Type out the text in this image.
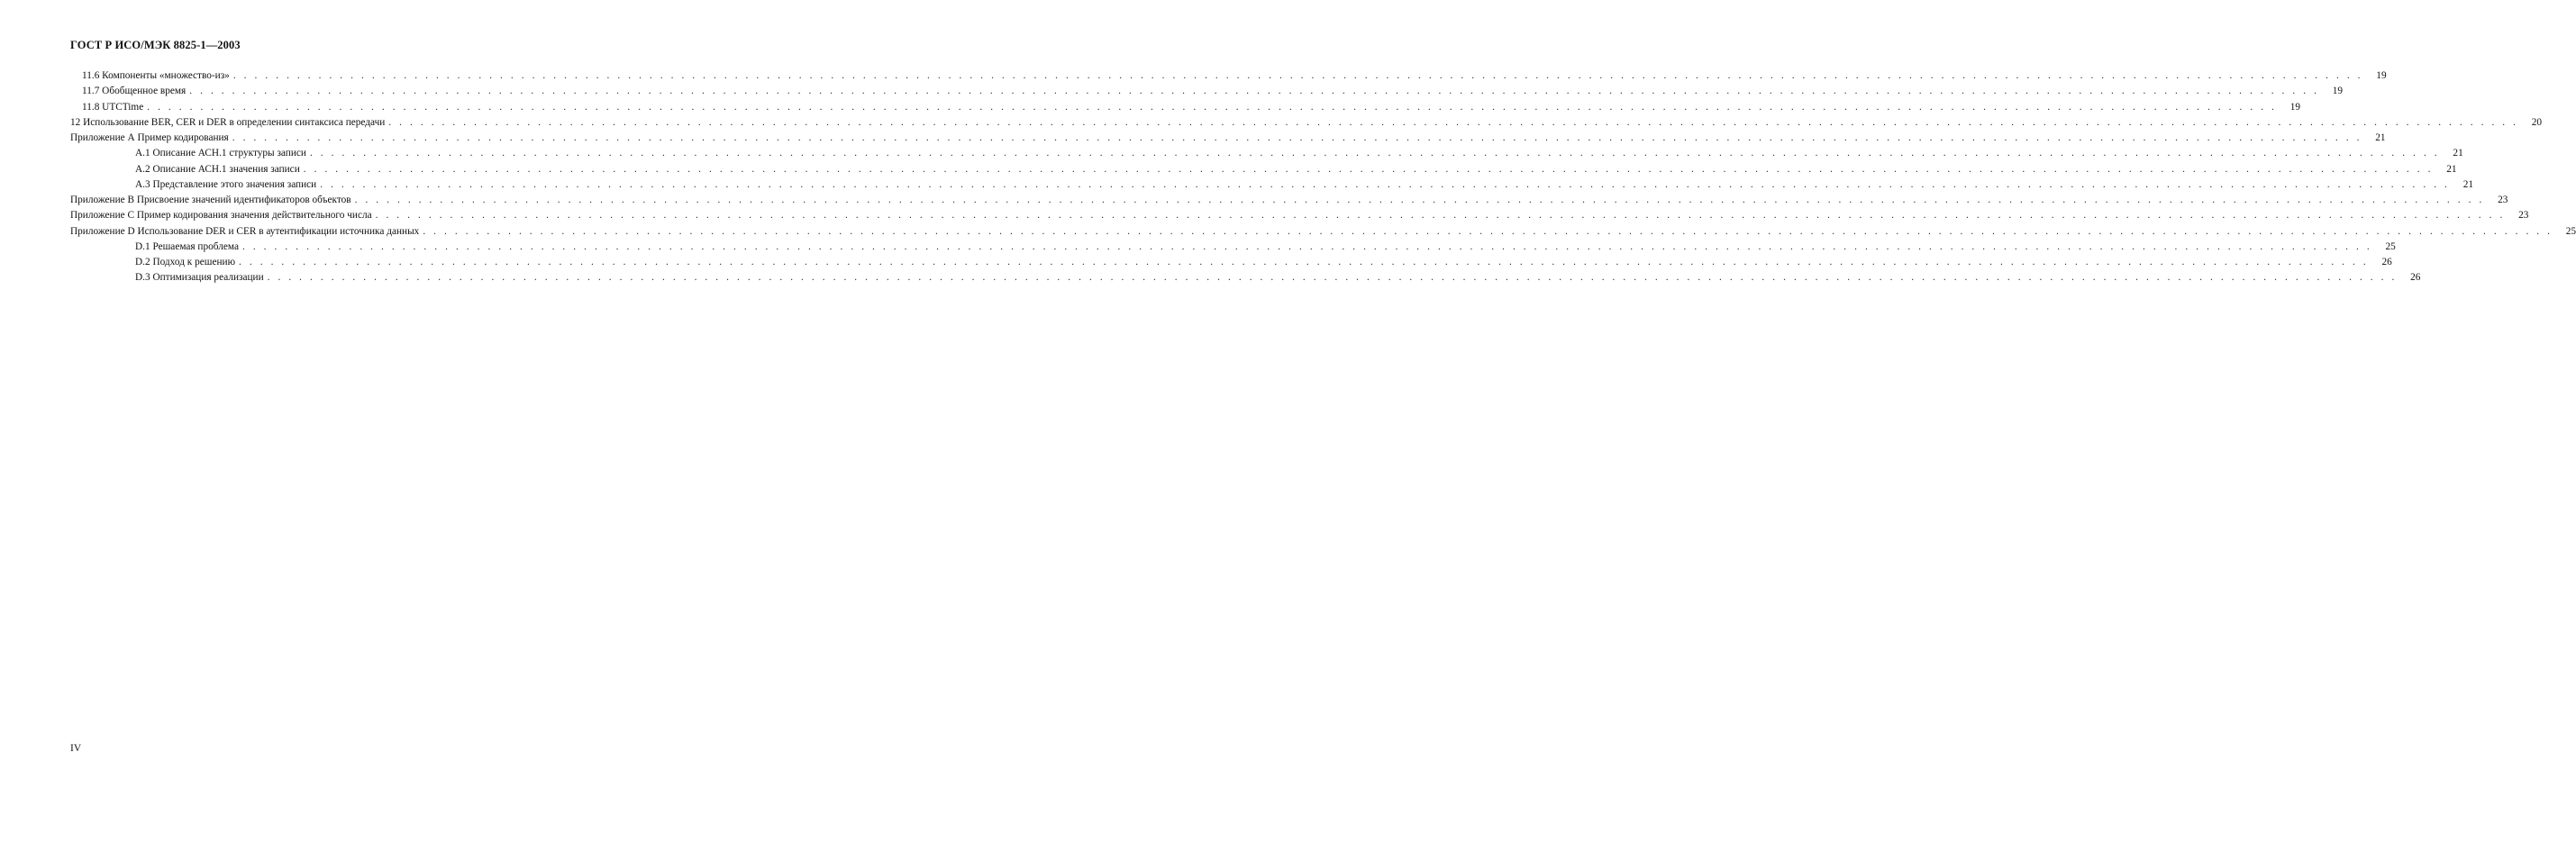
ГОСТ Р ИСО/МЭК 8825-1—2003
11.6 Компоненты «множество-из» . . . . . . . . . . . . . . . . . . . . . . . . . . . . . . . . . . . . . . . . . . . . . . . . . . . . . . . . . . . . . . . . . . . . . . . . . . . . . . . . . . . . . . . . . . . . . . . . . . . . . . . . . . . . . . . . . . . . . . . . . . . . . . . . . . . . . . . . . . . . . . . . . . . . . . . . . . . . . . . . . . . . . . . . . . . . . . . . . . . . . . . . . . . . . . . . . . . . . . . .	19
11.7 Обобщенное время . . . . . . . . . . . . . . . . . . . . . . . . . . . . . . . . . . . . . . . . . . . . . . . . . . . . . . . . . . . . . . . . . . . . . . . . . . . . . . . . . . . . . . . . . . . . . . . . . . . . . . . . . . . . . . . . . . . . . . . . . . . . . . . . . . . . . . . . . . . . . . . . . . . . . . . . . . . . . . . . . . . . . . . . . . . . . . . . . . . . . . . . . . . . . . . . . . . . . . . .	19
11.8 UTCTime . . . . . . . . . . . . . . . . . . . . . . . . . . . . . . . . . . . . . . . . . . . . . . . . . . . . . . . . . . . . . . . . . . . . . . . . . . . . . . . . . . . . . . . . . . . . . . . . . . . . . . . . . . . . . . . . . . . . . . . . . . . . . . . . . . . . . . . . . . . . . . . . . . . . . . . . . . . . . . . . . . . . . . . . . . . . . . . . . . . . . . . . . . . . . . . . . . . . . . . .	19
12 Использование BER, CER и DER в определении синтаксиса передачи . . . . . . . . . . . . . . . . . . . . . . . . . . . . . . . . . . . . . . . . . . . . . . . . . . . . . . . . . . . . . . . . . . . . . . . . . . . . . . . . . . . . . . . . . . . . . . . . . . . . . . . . . . . . . . . . . . . . . . . . . . . . . . . . . . . . . . . . . . . . . . . . . . . . . . . . . . . . . . . . . . . . . . . . . . . . . . . . . . . . . . . . . . . . . . . . . . . . . . . .	20
Приложение А Пример кодирования . . . . . . . . . . . . . . . . . . . . . . . . . . . . . . . . . . . . . . . . . . . . . . . . . . . . . . . . . . . . . . . . . . . . . . . . . . . . . . . . . . . . . . . . . . . . . . . . . . . . . . . . . . . . . . . . . . . . . . . . . . . . . . . . . . . . . . . . . . . . . . . . . . . . . . . . . . . . . . . . . . . . . . . . . . . . . . . . . . . . . . . . . . . . . . . . . . . . . . . .	21
А.1 Описание АСН.1 структуры записи . . . . . . . . . . . . . . . . . . . . . . . . . . . . . . . . . . . . . . . . . . . . . . . . . . . . . . . . . . . . . . . . . . . . . . . . . . . . . . . . . . . . . . . . . . . . . . . . . . . . . . . . . . . . . . . . . . . . . . . . . . . . . . . . . . . . . . . . . . . . . . . . . . . . . . . . . . . . . . . . . . . . . . . . . . . . . . . . . . . . . . . . . . . . . . . . . . . . . . . .	21
А.2 Описание АСН.1 значения записи . . . . . . . . . . . . . . . . . . . . . . . . . . . . . . . . . . . . . . . . . . . . . . . . . . . . . . . . . . . . . . . . . . . . . . . . . . . . . . . . . . . . . . . . . . . . . . . . . . . . . . . . . . . . . . . . . . . . . . . . . . . . . . . . . . . . . . . . . . . . . . . . . . . . . . . . . . . . . . . . . . . . . . . . . . . . . . . . . . . . . . . . . . . . . . . . . . . . . . . .	21
А.3 Представление этого значения записи . . . . . . . . . . . . . . . . . . . . . . . . . . . . . . . . . . . . . . . . . . . . . . . . . . . . . . . . . . . . . . . . . . . . . . . . . . . . . . . . . . . . . . . . . . . . . . . . . . . . . . . . . . . . . . . . . . . . . . . . . . . . . . . . . . . . . . . . . . . . . . . . . . . . . . . . . . . . . . . . . . . . . . . . . . . . . . . . . . . . . . . . . . . . . . . . . . . . . . . .	21
Приложение В Присвоение значений идентификаторов объектов . . . . . . . . . . . . . . . . . . . . . . . . . . . . . . . . . . . . . . . . . . . . . . . . . . . . . . . . . . . . . . . . . . . . . . . . . . . . . . . . . . . . . . . . . . . . . . . . . . . . . . . . . . . . . . . . . . . . . . . . . . . . . . . . . . . . . . . . . . . . . . . . . . . . . . . . . . . . . . . . . . . . . . . . . . . . . . . . . . . . . . . . . . . . . . . . . . . . . . . .	23
Приложение С Пример кодирования значения действительного числа . . . . . . . . . . . . . . . . . . . . . . . . . . . . . . . . . . . . . . . . . . . . . . . . . . . . . . . . . . . . . . . . . . . . . . . . . . . . . . . . . . . . . . . . . . . . . . . . . . . . . . . . . . . . . . . . . . . . . . . . . . . . . . . . . . . . . . . . . . . . . . . . . . . . . . . . . . . . . . . . . . . . . . . . . . . . . . . . . . . . . . . . . . . . . . . . . . . . . . . .	23
Приложение D Использование DER и CER в аутентификации источника данных . . . . . . . . . . . . . . . . . . . . . . . . . . . . . . . . . . . . . . . . . . . . . . . . . . . . . . . . . . . . . . . . . . . . . . . . . . . . . . . . . . . . . . . . . . . . . . . . . . . . . . . . . . . . . . . . . . . . . . . . . . . . . . . . . . . . . . . . . . . . . . . . . . . . . . . . . . . . . . . . . . . . . . . . . . . . . . . . . . . . . . . . . . . . . . . . . . . . . . . .	25
D.1 Решаемая проблема . . . . . . . . . . . . . . . . . . . . . . . . . . . . . . . . . . . . . . . . . . . . . . . . . . . . . . . . . . . . . . . . . . . . . . . . . . . . . . . . . . . . . . . . . . . . . . . . . . . . . . . . . . . . . . . . . . . . . . . . . . . . . . . . . . . . . . . . . . . . . . . . . . . . . . . . . . . . . . . . . . . . . . . . . . . . . . . . . . . . . . . . . . . . . . . . . . . . . . . .	25
D.2 Подход к решению . . . . . . . . . . . . . . . . . . . . . . . . . . . . . . . . . . . . . . . . . . . . . . . . . . . . . . . . . . . . . . . . . . . . . . . . . . . . . . . . . . . . . . . . . . . . . . . . . . . . . . . . . . . . . . . . . . . . . . . . . . . . . . . . . . . . . . . . . . . . . . . . . . . . . . . . . . . . . . . . . . . . . . . . . . . . . . . . . . . . . . . . . . . . . . . . . . . . . . . .	26
D.3 Оптимизация реализации . . . . . . . . . . . . . . . . . . . . . . . . . . . . . . . . . . . . . . . . . . . . . . . . . . . . . . . . . . . . . . . . . . . . . . . . . . . . . . . . . . . . . . . . . . . . . . . . . . . . . . . . . . . . . . . . . . . . . . . . . . . . . . . . . . . . . . . . . . . . . . . . . . . . . . . . . . . . . . . . . . . . . . . . . . . . . . . . . . . . . . . . . . . . . . . . . . . . . . . .	26
IV
